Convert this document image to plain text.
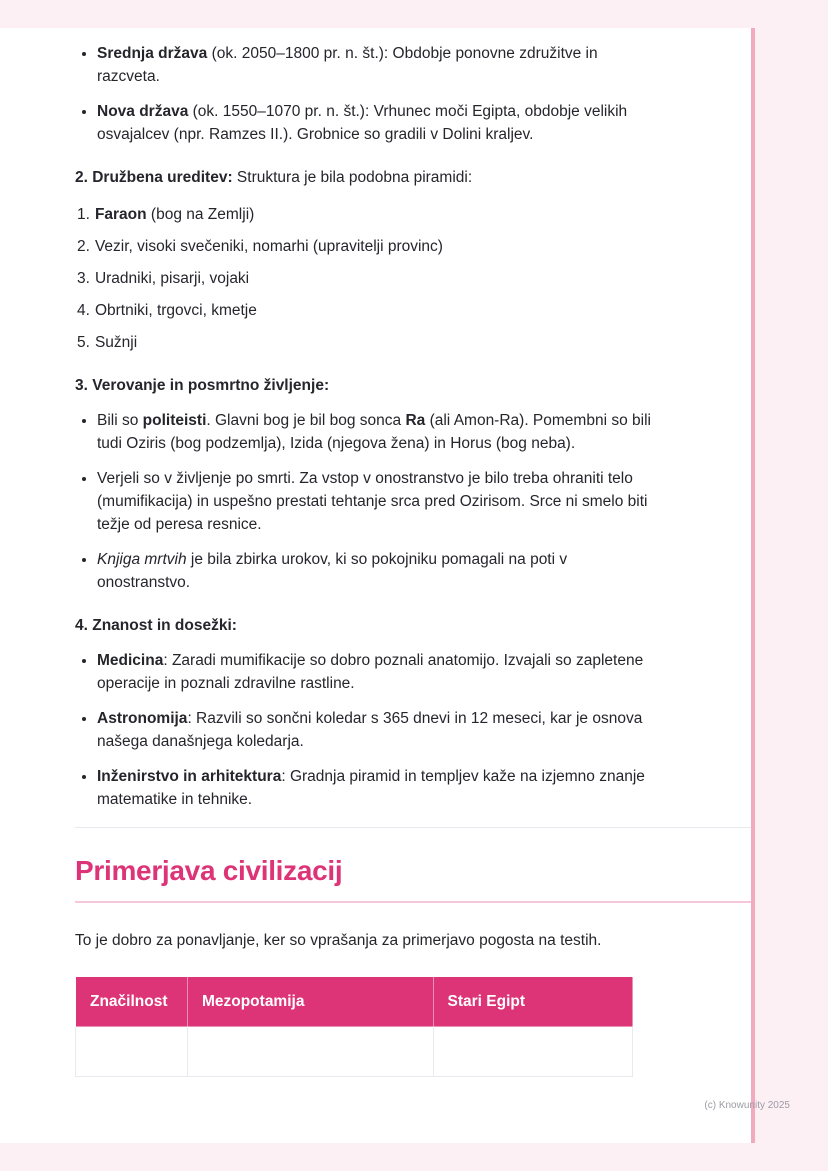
• Srednja država (ok. 2050–1800 pr. n. št.): Obdobje ponovne združitve in razcveta.
• Nova država (ok. 1550–1070 pr. n. št.): Vrhunec moči Egipta, obdobje velikih osvajalcev (npr. Ramzes II.). Grobnice so gradili v Dolini kraljev.

2. Družbena ureditev: Struktura je bila podobna piramidi:

1. Faraon (bog na Zemlji)
2. Vezir, visoki svečeniki, nomarhi (upravitelji provinc)
3. Uradniki, pisarji, vojaki
4. Obrtniki, trgovci, kmetje
5. Sužnji

3. Verovanje in posmrtno življenje:

• Bili so politeisti. Glavni bog je bil bog sonca Ra (ali Amon-Ra). Pomembni so bili tudi Oziris (bog podzemlja), Izida (njegova žena) in Horus (bog neba).
• Verjeli so v življenje po smrti. Za vstop v onostranstvo je bilo treba ohraniti telo (mumifikacija) in uspešno prestati tehtanje srca pred Ozirisom. Srce ni smelo biti težje od peresa resnice.
• Knjiga mrtvih je bila zbirka urokov, ki so pokojniku pomagali na poti v onostranstvo.

4. Znanost in dosežki:

• Medicina: Zaradi mumifikacije so dobro poznali anatomijo. Izvajali so zapletene operacije in poznali zdravilne rastline.
• Astronomija: Razvili so sončni koledar s 365 dnevi in 12 meseci, kar je osnova našega današnjega koledarja.
• Inženirstvo in arhitektura: Gradnja piramid in templjev kaže na izjemno znanje matematike in tehnike.
Primerjava civilizacij

To je dobro za ponavljanje, ker so vprašanja za primerjavo pogosta na testih.

Značilnost	Mezopotamija	Stari Egipt

(c) Knowunity 2025
